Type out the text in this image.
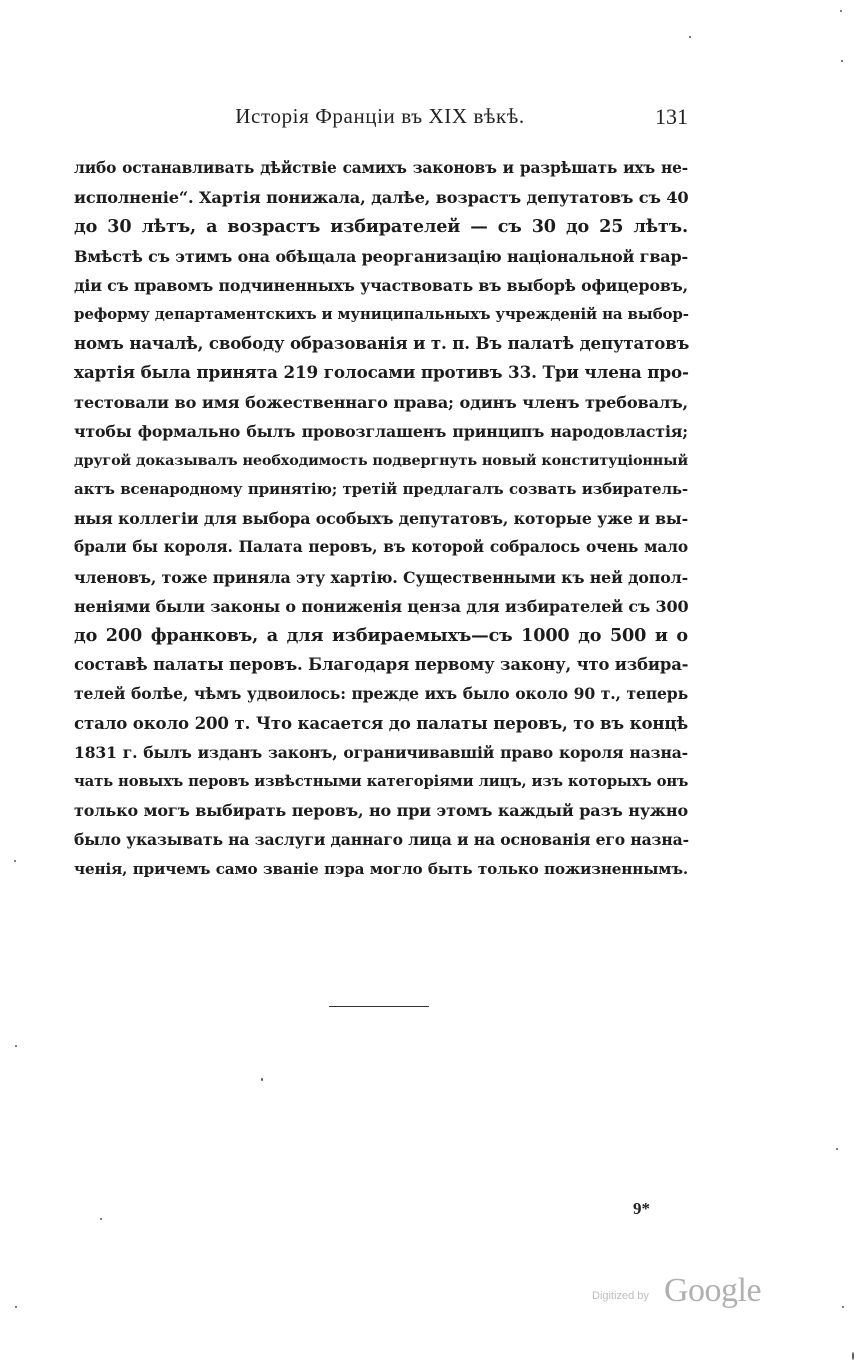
Исторія Франціи въ XIX вѣкѣ.	131
либо останавливать дѣйствіе самихъ законовъ и разрѣшать ихъ не-
исполненіе“. Хартія понижала, далѣе, возрастъ депутатовъ съ 40
до 30 лѣтъ, а возрастъ избирателей — съ 30 до 25 лѣтъ.
Вмѣстѣ съ этимъ она обѣщала реорганизацію національной гвар-
діи съ правомъ подчиненныхъ участвовать въ выборѣ офицеровъ,
реформу департаментскихъ и муниципальныхъ учрежденій на выбор-
номъ началѣ, свободу образованія и т. п. Въ палатѣ депутатовъ
хартія была принята 219 голосами противъ 33. Три члена про-
тестовали во имя божественнаго права; одинъ членъ требовалъ,
чтобы формально былъ провозглашенъ принципъ народовластія;
другой доказывалъ необходимость подвергнуть новый конституціонный
актъ всенародному принятію; третій предлагалъ созвать избиратель-
ныя коллегіи для выбора особыхъ депутатовъ, которые уже и вы-
брали бы короля. Палата перовъ, въ которой собралось очень мало
членовъ, тоже приняла эту хартію. Существенными къ ней допол-
неніями были законы о пониженія ценза для избирателей съ 300
до 200 франковъ, а для избираемыхъ—съ 1000 до 500 и о
составѣ палаты перовъ. Благодаря первому закону, что избира-
телей болѣе, чѣмъ удвоилось: прежде ихъ было около 90 т., теперь
стало около 200 т. Что касается до палаты перовъ, то въ концѣ
1831 г. былъ изданъ законъ, ограничивавшій право короля назна-
чать новыхъ перовъ извѣстными категоріями лицъ, изъ которыхъ онъ
только могъ выбирать перовъ, но при этомъ каждый разъ нужно
было указывать на заслуги даннаго лица и на основанія его назна-
ченія, причемъ само званіе пэра могло быть только пожизненнымъ.
9*
Digitized by Google
